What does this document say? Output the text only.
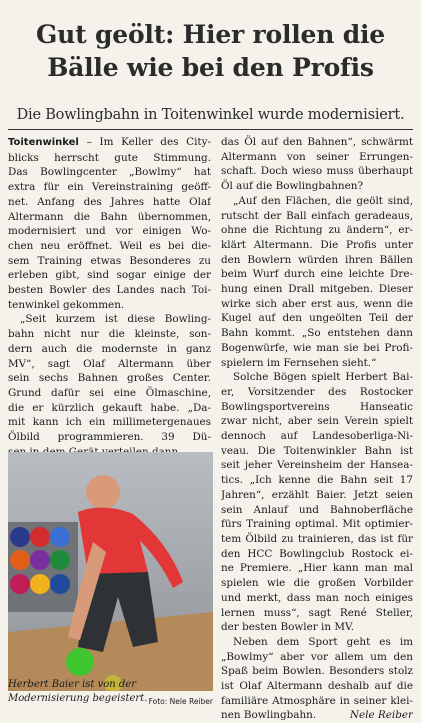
Gut geölt: Hier rollen die
Bälle wie bei den Profis
Die Bowlingbahn in Toitenwinkel wurde modernisiert.
Toitenwinkel – Im Keller des City-
blicks herrscht gute Stimmung.
Das Bowlingcenter „Bowlmy“ hat
extra für ein Vereinstraining geöff-
net. Anfang des Jahres hatte Olaf
Altermann die Bahn übernommen,
modernisiert und vor einigen Wo-
chen neu eröffnet. Weil es bei die-
sem Training etwas Besonderes zu
erleben gibt, sind sogar einige der
besten Bowler des Landes nach Toi-
tenwinkel gekommen.
„Seit kurzem ist diese Bowling-
bahn nicht nur die kleinste, son-
dern auch die modernste in ganz
MV“, sagt Olaf Altermann über
sein sechs Bahnen großes Center.
Grund dafür sei eine Ölmaschine,
die er kürzlich gekauft habe. „Da-
mit kann ich ein millimetergenaues
Ölbild programmieren. 39 Dü-
Herbert Baier ist von der Modernisierung begeistert. Foto: Nele Reiber
das Öl auf den Bahnen“, schwärmt
Altermann von seiner Errungen-
schaft. Doch wieso muss überhaupt
Öl auf die Bowlingbahnen?
„Auf den Flächen, die geölt sind,
rutscht der Ball einfach geradeaus,
ohne die Richtung zu ändern“, er-
klärt Altermann. Die Profis unter
den Bowlern würden ihren Bällen
beim Wurf durch eine leichte Dre-
hung einen Drall mitgeben. Dieser
wirke sich aber erst aus, wenn die
Kugel auf den ungeölten Teil der
Bahn kommt. „So entstehen dann
Bogenwürfe, wie man sie bei Profi-
spielern im Fernsehen sieht.“
Solche Bögen spielt Herbert Bai-
er, Vorsitzender des Rostocker
Bowlingsportvereins Hanseatic
zwar nicht, aber sein Verein spielt
dennoch auf Landesoberliga-Ni-
veau. Die Toitenwinkler Bahn ist
seit jeher Vereinsheim der Hansea-
tics. „Ich kenne die Bahn seit 17
Jahren“, erzählt Baier. Jetzt seien
sein Anlauf und Bahnoberfläche
fürs Training optimal. Mit optimier-
tem Ölbild zu trainieren, das ist für
den HCC Bowlingclub Rostock ei-
ne Premiere. „Hier kann man mal
spielen wie die großen Vorbilder
und merkt, dass man noch einiges
lernen muss“, sagt René Steller,
der besten Bowler in MV.
Neben dem Sport geht es im
„Bowlmy“ aber vor allem um den
Spaß beim Bowlen. Besonders stolz
ist Olaf Altermann deshalb auf die
familiäre Atmosphäre in seiner klei-
nen Bowlingbahn.	Nele Reiber
